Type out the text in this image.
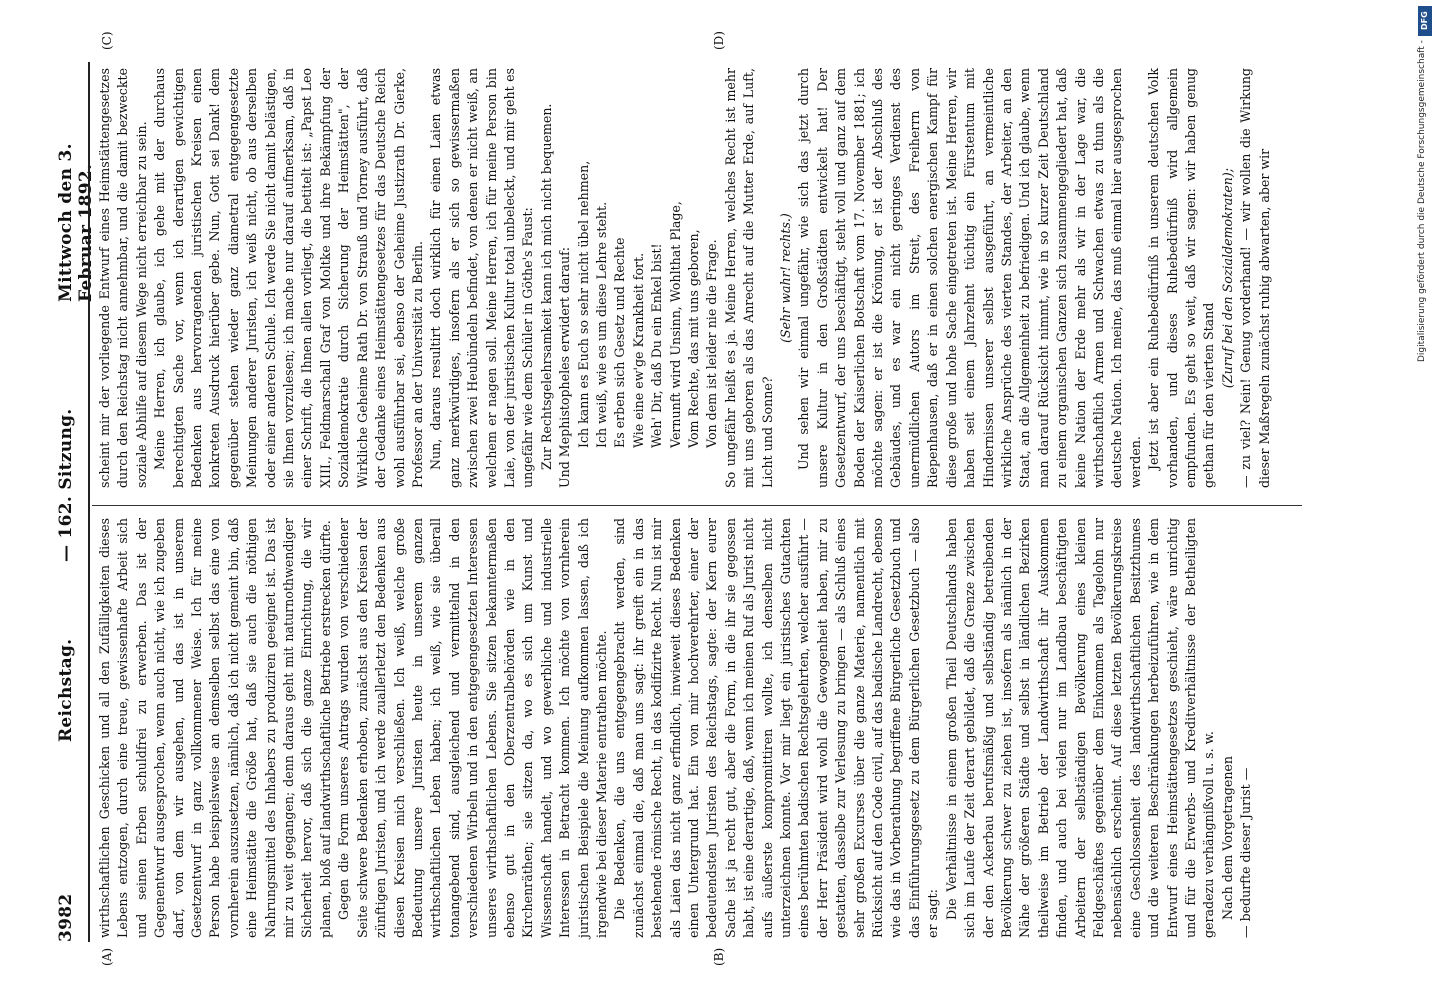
3982
Reichstag.
— 162. Sitzung.
Mittwoch den 3. Februar 1892.
(A)	(B)
(C)	(D)

wirthschaftlichen Geschicken und all den Zufälligkeiten dieses Lebens entzogen, durch eine treue, gewissenhafte Arbeit sich und seinen Erben schuldfrei zu erwerben. Das ist der Gegenentwurf ausgesprochen, wenn auch nicht, wie ich zugeben darf, von dem wir ausgehen, und das ist in unserem Gesetzentwurf in ganz vollkommener Weise. Ich für meine Person habe beispielsweise an demselben selbst das eine von vornherein auszusetzen, nämlich, daß ich nicht gemeint bin, daß eine Heimstätte die Größe hat, daß sie auch die nöthigen Nahrungsmittel des Inhabers zu produziren geeignet ist. Das ist mir zu weit gegangen; denn daraus geht mit naturnothwendiger Sicherheit hervor, daß sich die ganze Einrichtung, die wir planen, bloß auf landwirthschaftliche Betriebe erstrecken dürfte. Gegen die Form unseres Antrags wurden von verschiedener Seite schwere Bedenken erhoben, zunächst aus den Kreisen der zünftigen Juristen, und ich werde zuallerletzt den Bedenken aus diesen Kreisen mich verschließen. Ich weiß, welche große Bedeutung unsere Juristen heute in unserem ganzen wirthschaftlichen Leben haben; ich weiß, wie sie überall tonangebend sind, ausgleichend und vermittelnd in den verschiedenen Wirbeln und in den entgegengesetzten Interessen unseres wirthschaftlichen Lebens. Sie sitzen bekanntermaßen ebenso gut in den Oberzentralbehörden wie in den Kirchenräthen; sie sitzen da, wo es sich um Kunst und Wissenschaft handelt, und wo gewerbliche und industrielle Interessen in Betracht kommen. Ich möchte von vornherein juristischen Beispiele die Meinung aufkommen lassen, daß ich irgendwie bei dieser Materie entrathen möchte. Die Bedenken, die uns entgegengebracht werden, sind zunächst einmal die, daß man uns sagt: ihr greift ein in das bestehende römische Recht, in das kodifizirte Recht. Nun ist mir als Laien das nicht ganz erfindlich, inwieweit dieses Bedenken einen Untergrund hat. Ein von mir hochverehrter, einer der bedeutendsten Juristen des Reichstags, sagte: der Kern eurer Sache ist ja recht gut, aber die Form, in die ihr sie gegossen habt, ist eine derartige, daß, wenn ich meinen Ruf als Jurist nicht aufs äußerste kompromittiren wollte, ich denselben nicht unterzeichnen konnte. Vor mir liegt ein juristisches Gutachten eines berühmten badischen Rechtsgelehrten, welcher ausführt — der Herr Präsident wird wohl die Gewogenheit haben, mir zu gestatten, dasselbe zur Verlesung zu bringen — als Schluß eines sehr großen Excurses über die ganze Materie, namentlich mit Rücksicht auf den Code civil, auf das badische Landrecht, ebenso wie das in Vorberathung begriffene Bürgerliche Gesetzbuch und das Einführungsgesetz zu dem Bürgerlichen Gesetzbuch — also er sagt: Die Verhältnisse in einem großen Theil Deutschlands haben sich im Laufe der Zeit derart gebildet, daß die Grenze zwischen der den Ackerbau berufsmäßig und selbständig betreibenden Bevölkerung schwer zu ziehen ist, insofern als nämlich in der Nähe der größeren Städte und selbst in ländlichen Bezirken theilweise im Betrieb der Landwirthschaft ihr Auskommen finden, und auch bei vielen nur im Landbau beschäftigten Arbeitern der selbständigen Bevölkerung eines kleinen Feldgeschäftes gegenüber dem Einkommen als Tagelohn nur nebensächlich erscheint. Auf diese letzten Bevölkerungskreise eine Geschlossenheit des landwirthschaftlichen Besitzthumes und die weiteren Beschränkungen herbeizuführen, wie in dem Entwurf eines Heimstättengesetzes geschieht, wäre unrichtig und für die Erwerbs- und Kreditverhältnisse der Betheiligten geradezu verhängnißvoll u. s. w. Nach dem Vorgetragenen — bedurfte dieser Jurist —

scheint mir der vorliegende Entwurf eines Heimstättengesetzes durch den Reichstag nicht annehmbar, und die damit bezweckte soziale Abhilfe auf diesem Wege nicht erreichbar zu sein. Meine Herren, ich glaube, ich gehe mit der durchaus berechtigten Sache vor, wenn ich derartigen gewichtigen Bedenken aus hervorragenden juristischen Kreisen einen konkreten Ausdruck hierüber gebe. Nun, Gott sei Dank! dem gegenüber stehen wieder ganz diametral entgegengesetzte Meinungen anderer Juristen, ich weiß nicht, ob aus derselben oder einer anderen Schule. Ich werde Sie nicht damit belästigen, sie Ihnen vorzulesen; ich mache nur darauf aufmerksam, daß in einer Schrift, die Ihnen allen vorliegt, die betitelt ist: „Papst Leo XIII., Feldmarschall Graf von Moltke und ihre Bekämpfung der Sozialdemokratie durch Sicherung der Heimstätten", der Wirkliche Geheime Rath Dr. von Strauß und Torney ausführt, daß der Gedanke eines Heimstättengesetzes für das Deutsche Reich wohl ausführbar sei, ebenso der Geheime Justizrath Dr. Gierke, Professor an der Universität zu Berlin. Nun, daraus resultirt doch wirklich für einen Laien etwas ganz merkwürdiges, insofern als er sich so gewissermaßen zwischen zwei Heubündeln befindet, von denen er nicht weiß, an welchem er nagen soll. Meine Herren, ich für meine Person bin Laie, von der juristischen Kultur total unbeleckt, und mir geht es ungefähr wie dem Schüler in Göthe's Faust: Zur Rechtsgelehrsamkeit kann ich mich nicht bequemen. Und Mephistopheles erwidert darauf: Ich kann es Euch so sehr nicht übel nehmen, Ich weiß, wie es um diese Lehre steht. Es erben sich Gesetz und Rechte Wie eine ew'ge Krankheit fort. Weh' Dir, daß Du ein Enkel bist! Vernunft wird Unsinn, Wohlthat Plage, Vom Rechte, das mit uns geboren, Von dem ist leider nie die Frage. So ungefähr heißt es ja. Meine Herren, welches Recht ist mehr mit uns geboren als das Anrecht auf die Mutter Erde, auf Luft, Licht und Sonne?

(Sehr wahr! rechts.) Und sehen wir einmal ungefähr, wie sich das jetzt durch unsere Kultur in den Großstädten entwickelt hat! Der Gesetzentwurf, der uns beschäftigt, steht voll und ganz auf dem Boden der Kaiserlichen Botschaft vom 17. November 1881; ich möchte sagen: er ist die Krönung, er ist der Abschluß des Gebäudes, und es war ein nicht geringes Verdienst des unermüdlichen Autors im Streit, des Freiherrn von Riepenhausen, daß er in einen solchen energischen Kampf für diese große und hohe Sache eingetreten ist. Meine Herren, wir haben seit einem Jahrzehnt tüchtig ein Fürstentum mit Hindernissen unserer selbst ausgeführt, an vermeintliche wirkliche Ansprüche des vierten Standes, der Arbeiter, an den Staat, an die Allgemeinheit zu befriedigen. Und ich glaube, wenn man darauf Rücksicht nimmt, wie in so kurzer Zeit Deutschland zu einem organischen Ganzen sich zusammengegliedert hat, daß keine Nation der Erde mehr als wir in der Lage war, die wirthschaftlich Armen und Schwachen etwas zu thun als die deutsche Nation. Ich meine, das muß einmal hier ausgesprochen werden. Jetzt ist aber ein Ruhebedürfniß in unserem deutschen Volk vorhanden, und dieses Ruhebedürfniß wird allgemein empfunden. Es geht so weit, daß wir sagen: wir haben genug gethan für den vierten Stand

(Zuruf bei den Sozialdemokraten); — zu viel? Nein! Genug vorderhand! — wir wollen die Wirkung dieser Maßregeln zunächst ruhig abwarten, aber wir

DFG
Digitalisierung gefördert durch die Deutsche Forschungsgemeinschaft -
